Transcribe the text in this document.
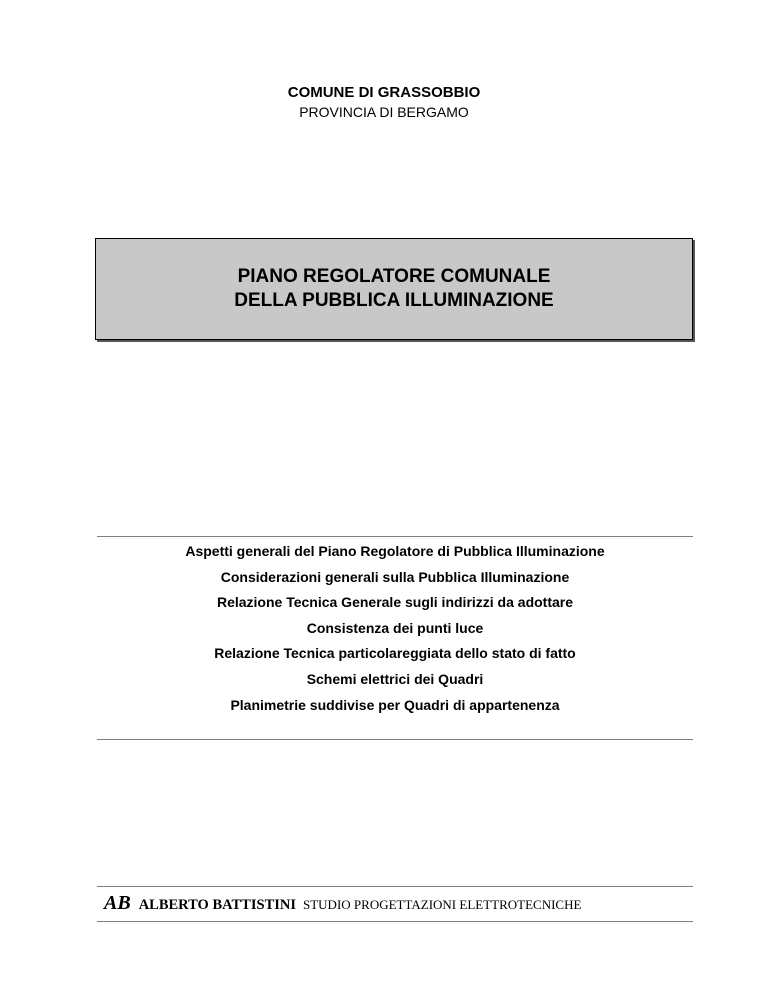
COMUNE DI GRASSOBBIO
PROVINCIA DI BERGAMO
PIANO REGOLATORE COMUNALE
DELLA PUBBLICA ILLUMINAZIONE
Aspetti generali del Piano Regolatore di Pubblica Illuminazione
Considerazioni generali sulla Pubblica Illuminazione
Relazione Tecnica Generale sugli indirizzi da adottare
Consistenza dei punti luce
Relazione Tecnica particolareggiata dello stato di fatto
Schemi elettrici dei Quadri
Planimetrie suddivise per Quadri di appartenenza
AB ALBERTO BATTISTINI STUDIO PROGETTAZIONI ELETTROTECNICHE
